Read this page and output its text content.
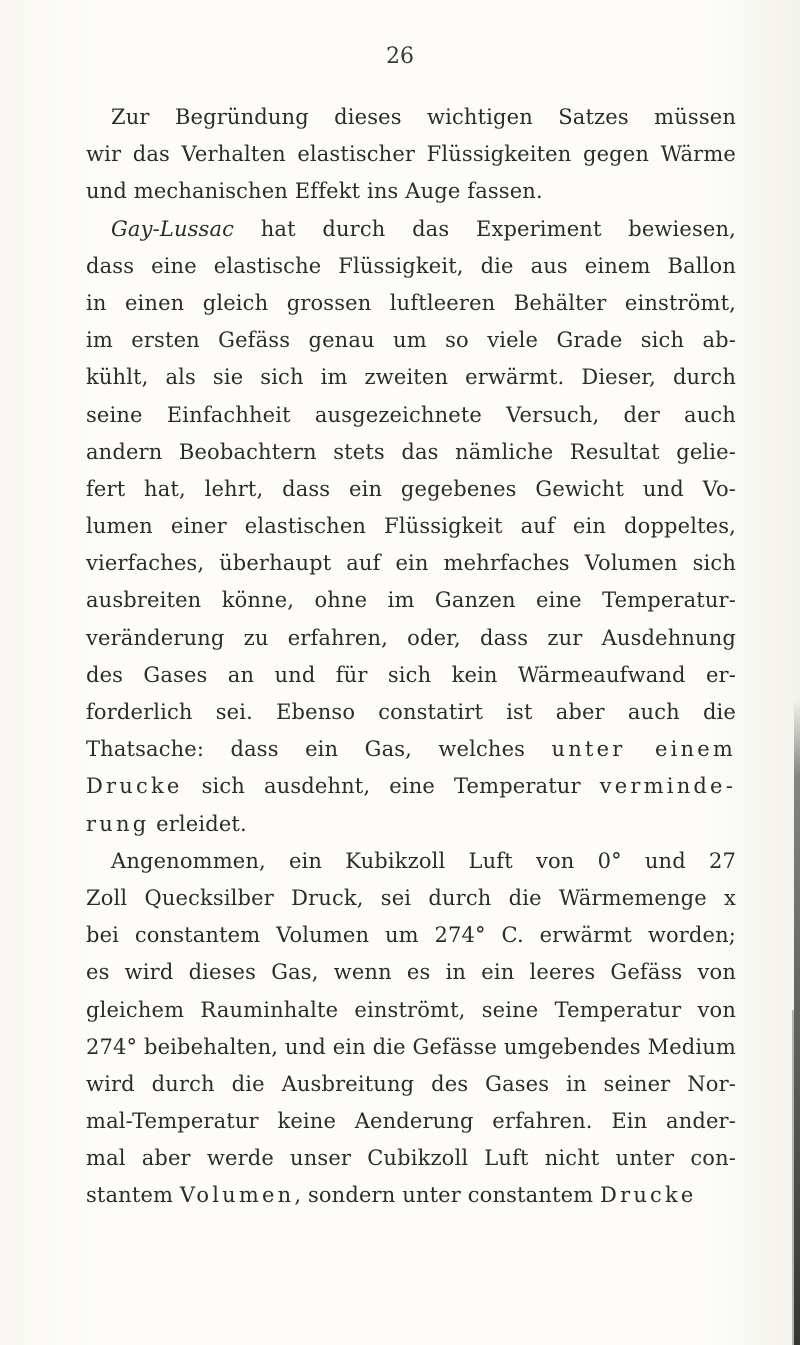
26
Zur Begründung dieses wichtigen Satzes müssen
wir das Verhalten elastischer Flüssigkeiten gegen Wärme
und mechanischen Effekt ins Auge fassen.
Gay-Lussac hat durch das Experiment bewiesen,
dass eine elastische Flüssigkeit, die aus einem Ballon
in einen gleich grossen luftleeren Behälter einströmt,
im ersten Gefäss genau um so viele Grade sich ab-
kühlt, als sie sich im zweiten erwärmt. Dieser, durch
seine Einfachheit ausgezeichnete Versuch, der auch
andern Beobachtern stets das nämliche Resultat gelie-
fert hat, lehrt, dass ein gegebenes Gewicht und Vo-
lumen einer elastischen Flüssigkeit auf ein doppeltes,
vierfaches, überhaupt auf ein mehrfaches Volumen sich
ausbreiten könne, ohne im Ganzen eine Temperatur-
veränderung zu erfahren, oder, dass zur Ausdehnung
des Gases an und für sich kein Wärmeaufwand er-
forderlich sei. Ebenso constatirt ist aber auch die
Thatsache: dass ein Gas, welches unter einem
Drucke sich ausdehnt, eine Temperatur verminde-
rung erleidet.
Angenommen, ein Kubikzoll Luft von 0° und 27
Zoll Quecksilber Druck, sei durch die Wärmemenge x
bei constantem Volumen um 274° C. erwärmt worden;
es wird dieses Gas, wenn es in ein leeres Gefäss von
gleichem Rauminhalte einströmt, seine Temperatur von
274° beibehalten, und ein die Gefässe umgebendes Medium
wird durch die Ausbreitung des Gases in seiner Nor-
mal-Temperatur keine Aenderung erfahren. Ein ander-
mal aber werde unser Cubikzoll Luft nicht unter con-
stantem Volumen, sondern unter constantem Drucke
